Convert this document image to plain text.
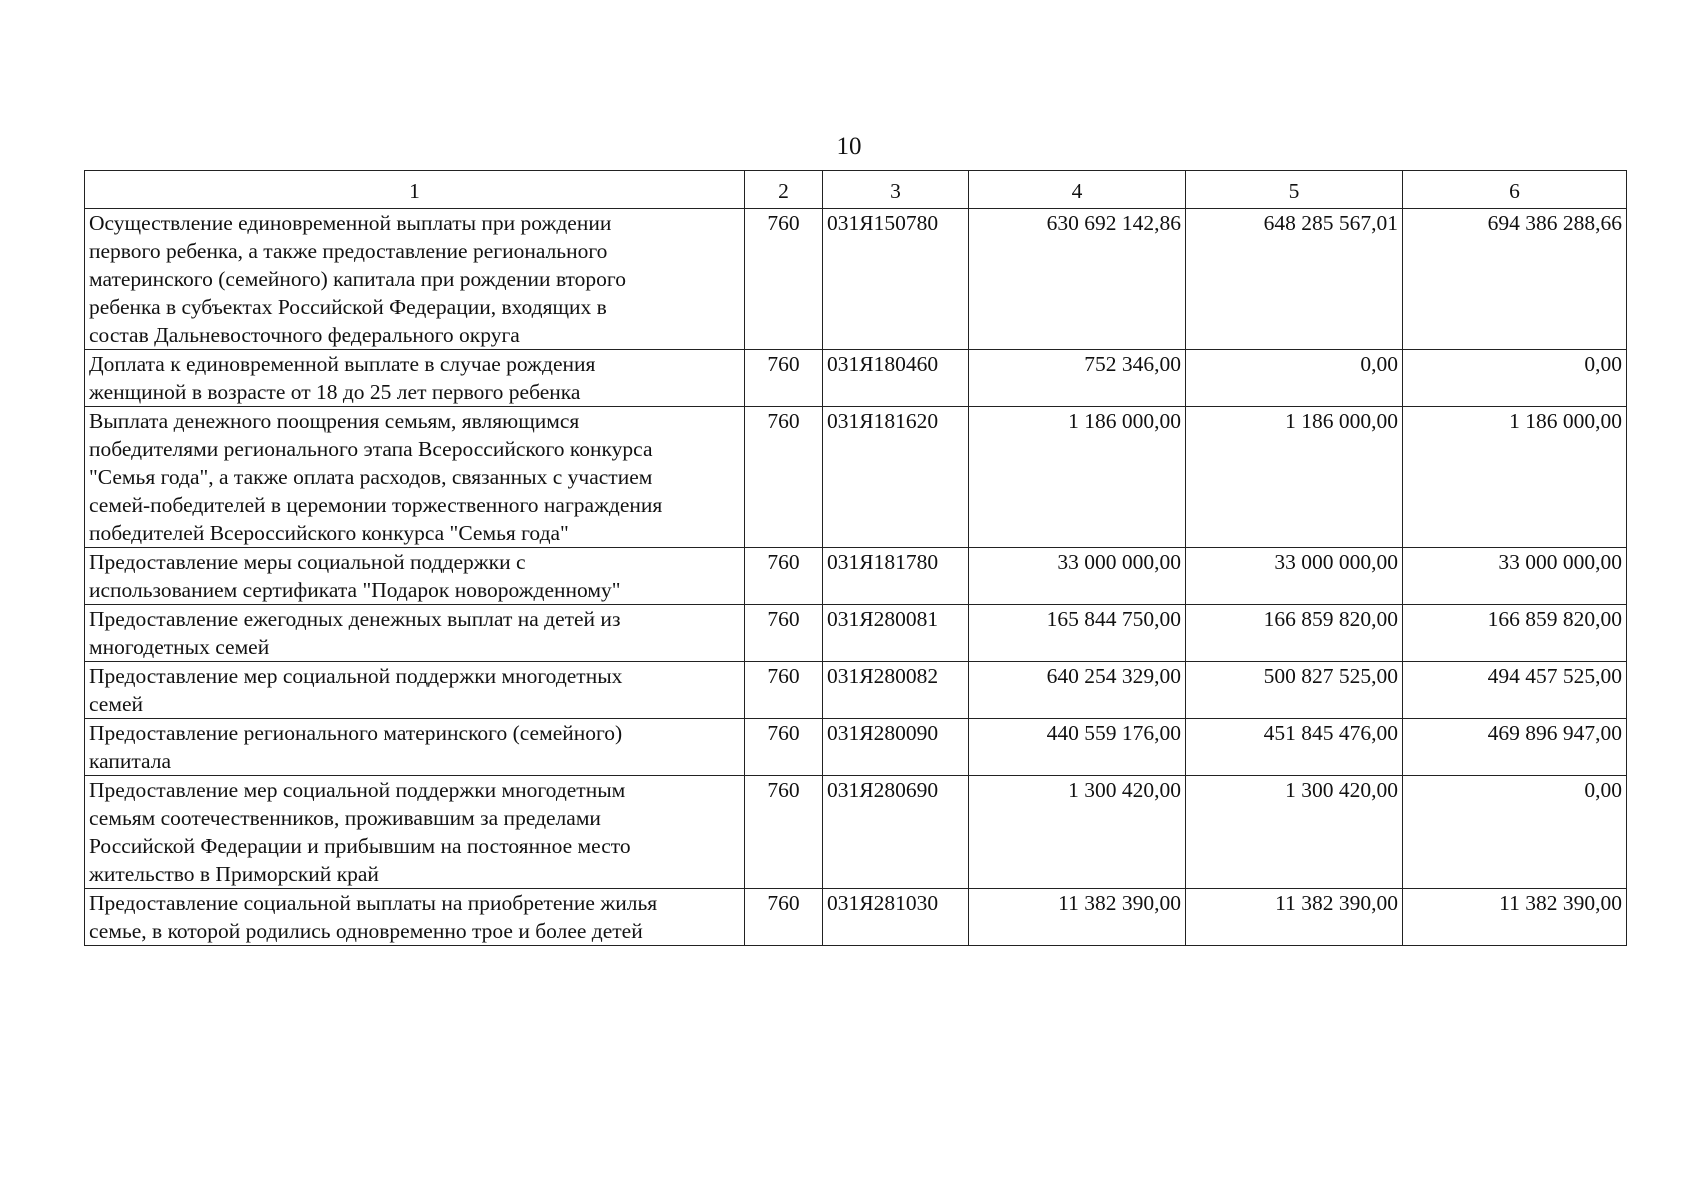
10
1	2	3	4	5	6

Осуществление единовременной выплаты при рождении
первого ребенка, а также предоставление регионального
материнского (семейного) капитала при рождении второго
ребенка в субъектах Российской Федерации, входящих в
состав Дальневосточного федерального округа	760	031Я150780	630 692 142,86	648 285 567,01	694 386 288,66

Доплата к единовременной выплате в случае рождения
женщиной в возрасте от 18 до 25 лет первого ребенка	760	031Я180460	752 346,00	0,00	0,00

Выплата денежного поощрения семьям, являющимся
победителями регионального этапа Всероссийского конкурса
"Семья года", а также оплата расходов, связанных с участием
семей-победителей в церемонии торжественного награждения
победителей Всероссийского конкурса "Семья года"	760	031Я181620	1 186 000,00	1 186 000,00	1 186 000,00

Предоставление меры социальной поддержки с
использованием сертификата "Подарок новорожденному"	760	031Я181780	33 000 000,00	33 000 000,00	33 000 000,00

Предоставление ежегодных денежных выплат на детей из
многодетных семей	760	031Я280081	165 844 750,00	166 859 820,00	166 859 820,00

Предоставление мер социальной поддержки многодетных
семей	760	031Я280082	640 254 329,00	500 827 525,00	494 457 525,00

Предоставление регионального материнского (семейного)
капитала	760	031Я280090	440 559 176,00	451 845 476,00	469 896 947,00

Предоставление мер социальной поддержки многодетным
семьям соотечественников, проживавшим за пределами
Российской Федерации и прибывшим на постоянное место
жительство в Приморский край	760	031Я280690	1 300 420,00	1 300 420,00	0,00

Предоставление социальной выплаты на приобретение жилья
семье, в которой родились одновременно трое и более детей	760	031Я281030	11 382 390,00	11 382 390,00	11 382 390,00
